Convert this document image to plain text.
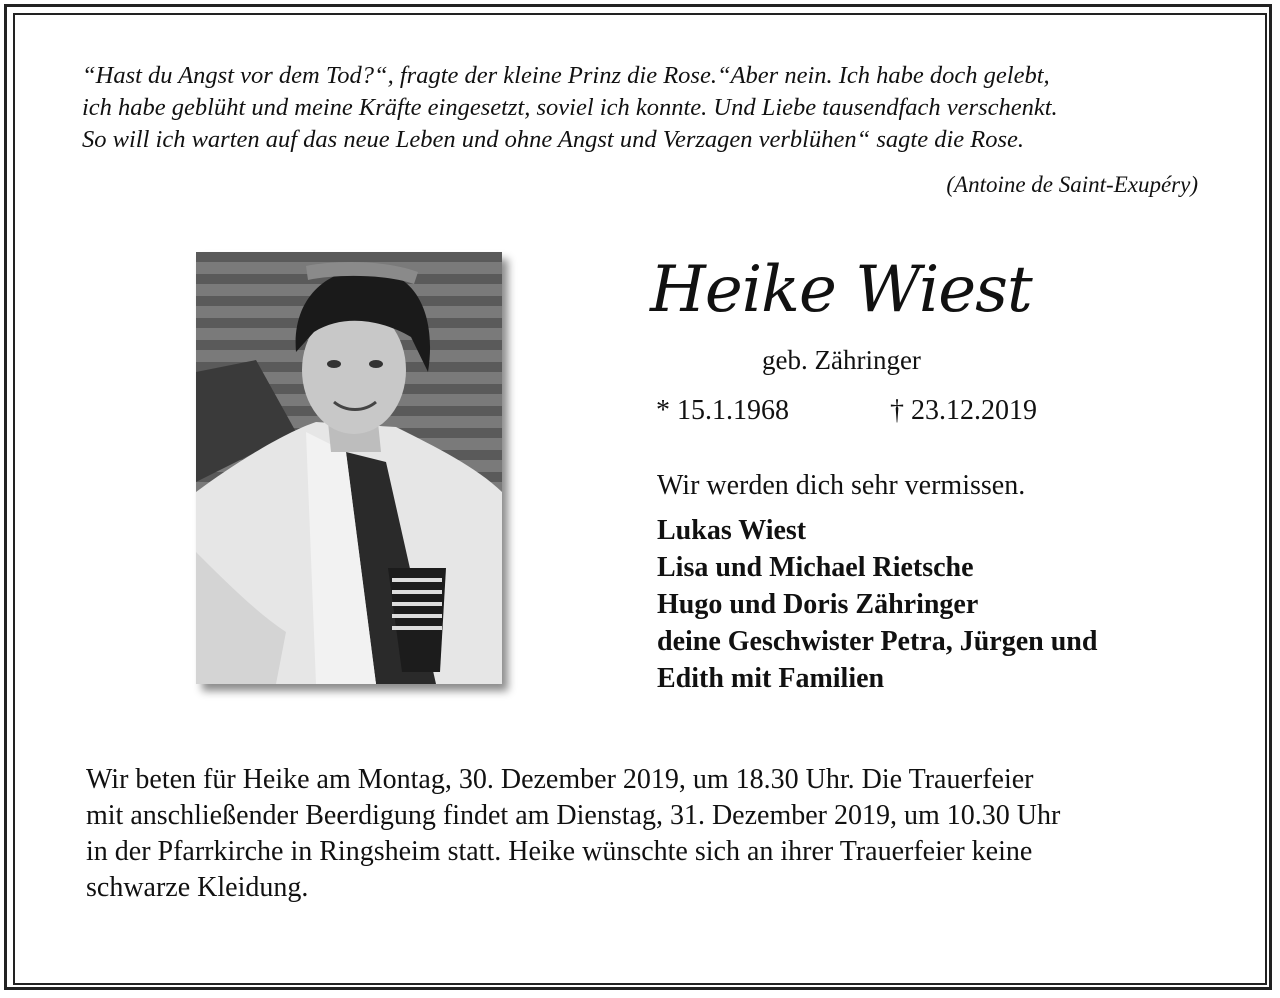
“Hast du Angst vor dem Tod?“, fragte der kleine Prinz die Rose.“Aber nein. Ich habe doch gelebt,
ich habe geblüht und meine Kräfte eingesetzt, soviel ich konnte. Und Liebe tausendfach verschenkt.
So will ich warten auf das neue Leben und ohne Angst und Verzagen verblühen“ sagte die Rose.

(Antoine de Saint-Exupéry)
Heike Wiest
geb. Zähringer
* 15.1.1968	† 23.12.2019
Wir werden dich sehr vermissen.
Lukas Wiest
Lisa und Michael Rietsche
Hugo und Doris Zähringer
deine Geschwister Petra, Jürgen und
Edith mit Familien

Wir beten für Heike am Montag, 30. Dezember 2019, um 18.30 Uhr. Die Trauerfeier
mit anschließender Beerdigung findet am Dienstag, 31. Dezember 2019, um 10.30 Uhr
in der Pfarrkirche in Ringsheim statt. Heike wünschte sich an ihrer Trauerfeier keine
schwarze Kleidung.
